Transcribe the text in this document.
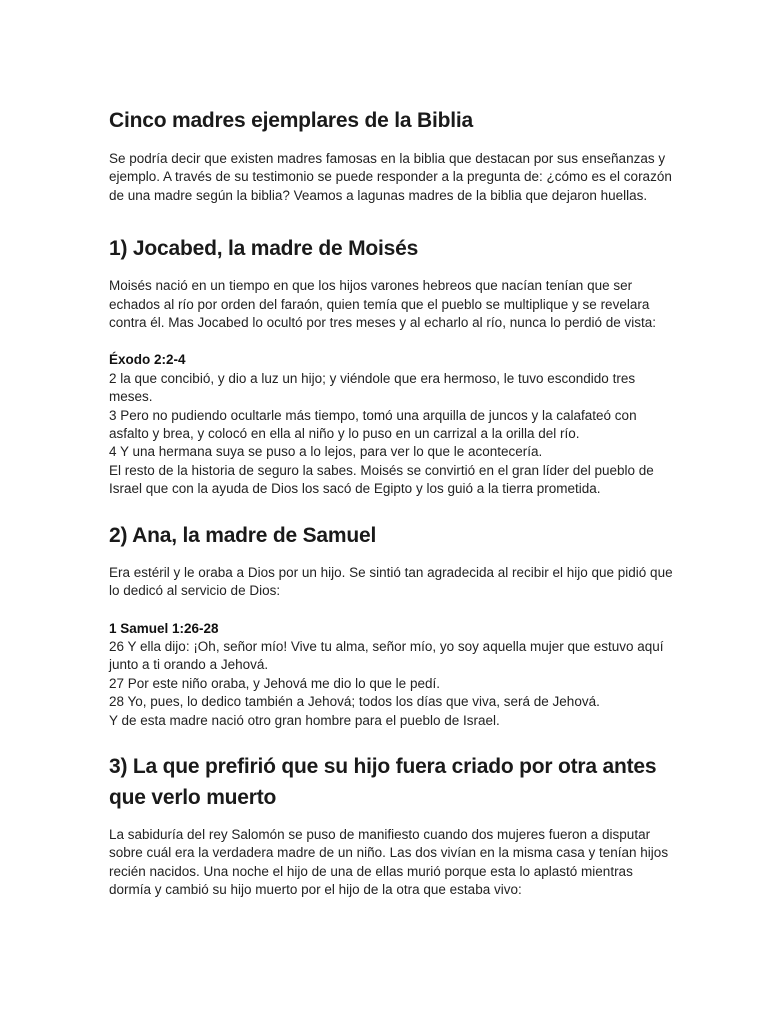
Cinco madres ejemplares de la Biblia

Se podría decir que existen madres famosas en la biblia que destacan por sus enseñanzas y ejemplo. A través de su testimonio se puede responder a la pregunta de: ¿cómo es el corazón de una madre según la biblia? Veamos a lagunas madres de la biblia que dejaron huellas.

1) Jocabed, la madre de Moisés

Moisés nació en un tiempo en que los hijos varones hebreos que nacían tenían que ser echados al río por orden del faraón, quien temía que el pueblo se multiplique y se revelara contra él. Mas Jocabed lo ocultó por tres meses y al echarlo al río, nunca lo perdió de vista:

Éxodo 2:2-4
2 la que concibió, y dio a luz un hijo; y viéndole que era hermoso, le tuvo escondido tres meses.
3 Pero no pudiendo ocultarle más tiempo, tomó una arquilla de juncos y la calafateó con asfalto y brea, y colocó en ella al niño y lo puso en un carrizal a la orilla del río.
4 Y una hermana suya se puso a lo lejos, para ver lo que le acontecería.
El resto de la historia de seguro la sabes. Moisés se convirtió en el gran líder del pueblo de Israel que con la ayuda de Dios los sacó de Egipto y los guió a la tierra prometida.

2) Ana, la madre de Samuel

Era estéril y le oraba a Dios por un hijo. Se sintió tan agradecida al recibir el hijo que pidió que lo dedicó al servicio de Dios:

1 Samuel 1:26-28
26 Y ella dijo: ¡Oh, señor mío! Vive tu alma, señor mío, yo soy aquella mujer que estuvo aquí junto a ti orando a Jehová.
27 Por este niño oraba, y Jehová me dio lo que le pedí.
28 Yo, pues, lo dedico también a Jehová; todos los días que viva, será de Jehová.
Y de esta madre nació otro gran hombre para el pueblo de Israel.

3) La que prefirió que su hijo fuera criado por otra antes que verlo muerto

La sabiduría del rey Salomón se puso de manifiesto cuando dos mujeres fueron a disputar sobre cuál era la verdadera madre de un niño. Las dos vivían en la misma casa y tenían hijos recién nacidos. Una noche el hijo de una de ellas murió porque esta lo aplastó mientras dormía y cambió su hijo muerto por el hijo de la otra que estaba vivo:
